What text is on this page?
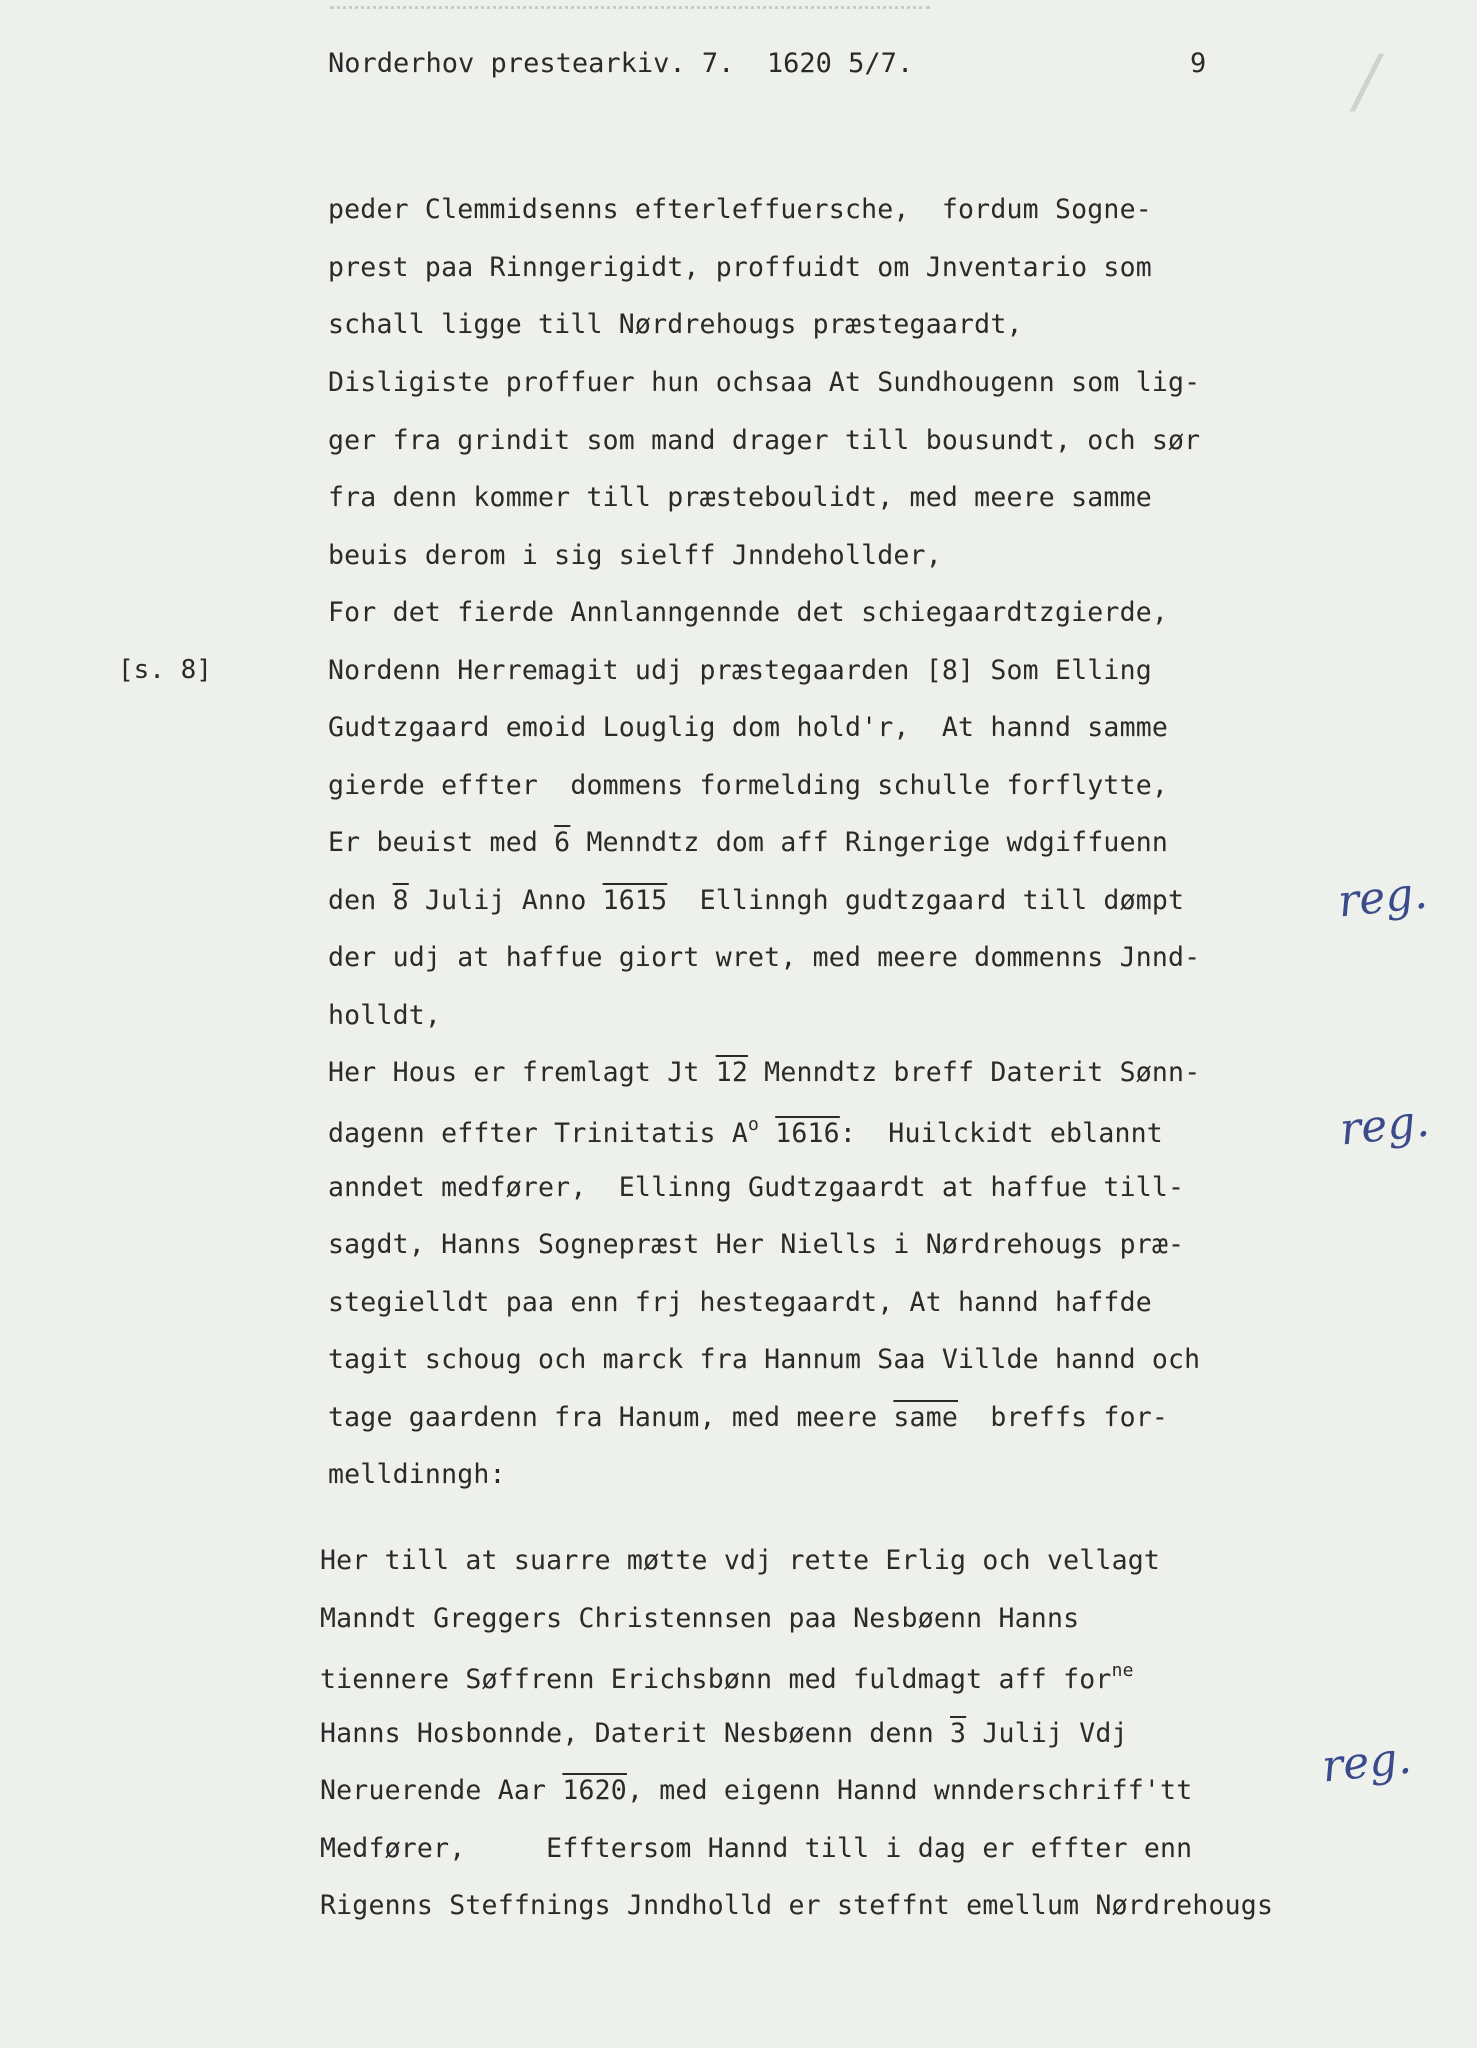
Norderhov prestearkiv. 7.  1620 5/7.	9 /
[s. 8]
peder Clemmidsenns efterleffuersche,  fordum Sogne-
prest paa Rinngerigidt, proffuidt om Jnventario som
schall ligge till Nørdrehougs præstegaardt,
Disligiste proffuer hun ochsaa At Sundhougenn som lig-
ger fra grindit som mand drager till bousundt, och sør
fra denn kommer till præsteboulidt, med meere samme
beuis derom i sig sielff Jnndehollder,
For det fierde Annlanngennde det schiegaardtzgierde,
Nordenn Herremagit udj præstegaarden [8] Som Elling
Gudtzgaard emoid Louglig dom hold'r,  At hannd samme
gierde effter  dommens formelding schulle forflytte,
Er beuist med 6 Menndtz dom aff Ringerige wdgiffuenn
den 8 Julij Anno 1615  Ellinngh gudtzgaard till dømpt
der udj at haffue giort wret, med meere dommenns Jnnd-
holldt,
Her Hous er fremlagt Jt 12 Menndtz breff Daterit Sønn-
dagenn effter Trinitatis $A^o$ 1616:  Huilckidt eblannt
anndet medfører,  Ellinng Gudtzgaardt at haffue till-
sagdt, Hanns Sognepræst Her Niells i Nørdrehougs præ-
stegielldt paa enn frj hestegaardt, At hannd haffde
tagit schoug och marck fra Hannum Saa Villde hannd och
tage gaardenn fra Hanum, med meere same  breffs for-
melldinngh:
Her till at suarre møtte vdj rette Erlig och vellagt
Manndt Greggers Christennsen paa Nesbøenn Hanns
tiennere Søffrenn Erichsbønn med fuldmagt aff for$^{ne}$
Hanns Hosbonnde, Daterit Nesbøenn denn 3 Julij Vdj
Neruerende Aar 1620, med eigenn Hannd wnnderschriff'tt
Medfører,     Efftersom Hannd till i dag er effter enn
Rigenns Steffnings Jnndholld er steffnt emellum Nørdrehougs
reg.
reg.
reg.
